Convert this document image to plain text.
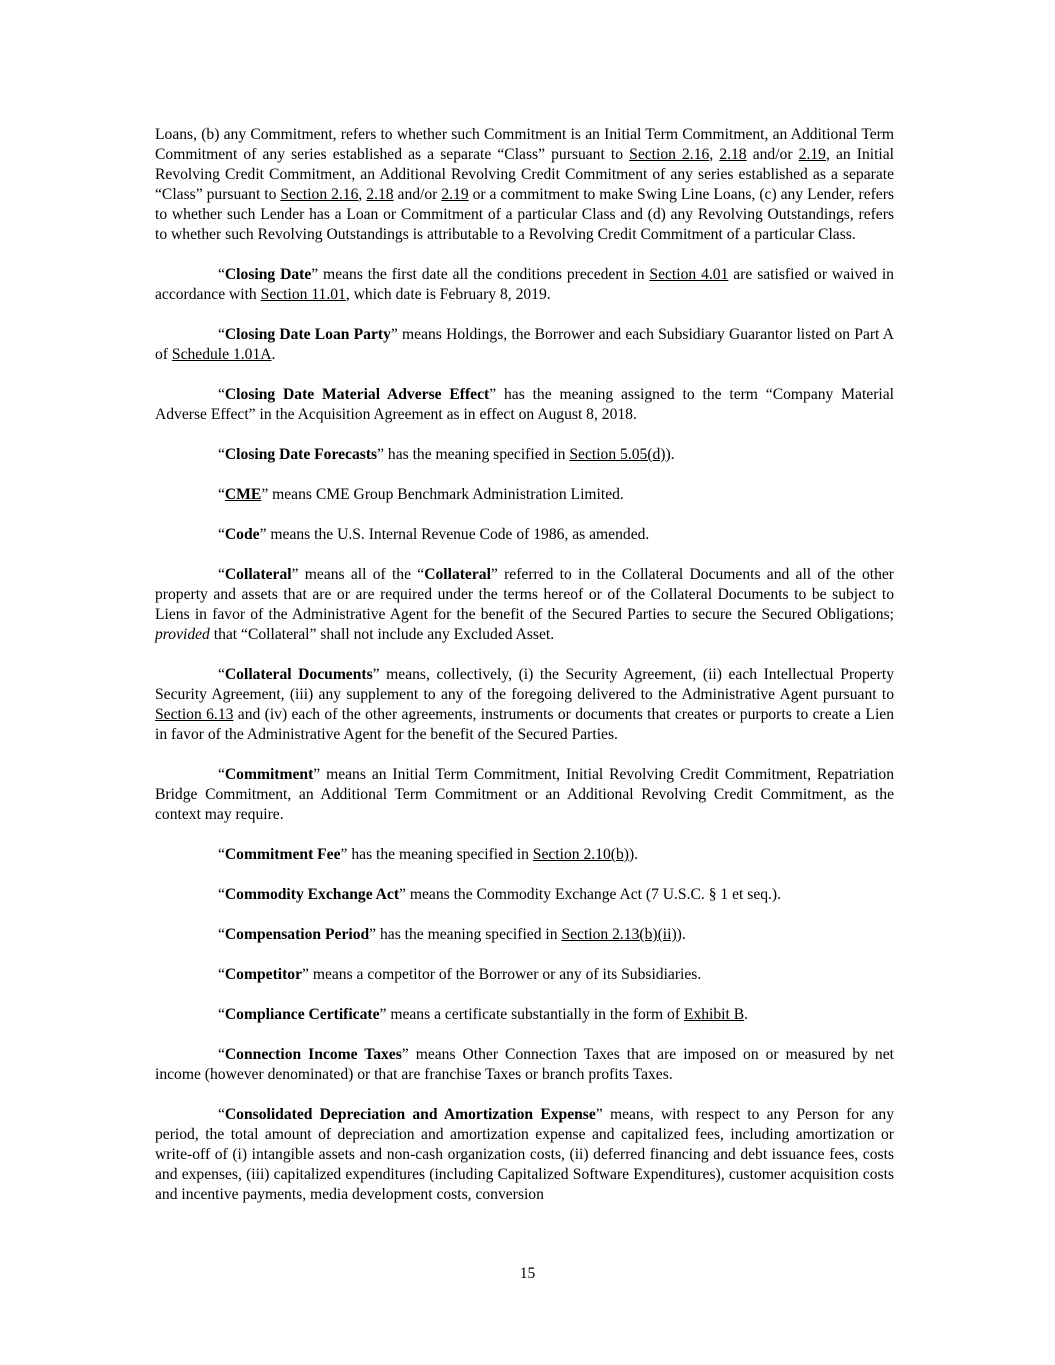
Loans, (b) any Commitment, refers to whether such Commitment is an Initial Term Commitment, an Additional Term Commitment of any series established as a separate “Class” pursuant to Section 2.16, 2.18 and/or 2.19, an Initial Revolving Credit Commitment, an Additional Revolving Credit Commitment of any series established as a separate “Class” pursuant to Section 2.16, 2.18 and/or 2.19 or a commitment to make Swing Line Loans, (c) any Lender, refers to whether such Lender has a Loan or Commitment of a particular Class and (d) any Revolving Outstandings, refers to whether such Revolving Outstandings is attributable to a Revolving Credit Commitment of a particular Class.

“Closing Date” means the first date all the conditions precedent in Section 4.01 are satisfied or waived in accordance with Section 11.01, which date is February 8, 2019.

“Closing Date Loan Party” means Holdings, the Borrower and each Subsidiary Guarantor listed on Part A of Schedule 1.01A.

“Closing Date Material Adverse Effect” has the meaning assigned to the term “Company Material Adverse Effect” in the Acquisition Agreement as in effect on August 8, 2018.

“Closing Date Forecasts” has the meaning specified in Section 5.05(d)).

“CME” means CME Group Benchmark Administration Limited.

“Code” means the U.S. Internal Revenue Code of 1986, as amended.

“Collateral” means all of the “Collateral” referred to in the Collateral Documents and all of the other property and assets that are or are required under the terms hereof or of the Collateral Documents to be subject to Liens in favor of the Administrative Agent for the benefit of the Secured Parties to secure the Secured Obligations; provided that “Collateral” shall not include any Excluded Asset.

“Collateral Documents” means, collectively, (i) the Security Agreement, (ii) each Intellectual Property Security Agreement, (iii) any supplement to any of the foregoing delivered to the Administrative Agent pursuant to Section 6.13 and (iv) each of the other agreements, instruments or documents that creates or purports to create a Lien in favor of the Administrative Agent for the benefit of the Secured Parties.

“Commitment” means an Initial Term Commitment, Initial Revolving Credit Commitment, Repatriation Bridge Commitment, an Additional Term Commitment or an Additional Revolving Credit Commitment, as the context may require.

“Commitment Fee” has the meaning specified in Section 2.10(b)).

“Commodity Exchange Act” means the Commodity Exchange Act (7 U.S.C. § 1 et seq.).

“Compensation Period” has the meaning specified in Section 2.13(b)(ii)).

“Competitor” means a competitor of the Borrower or any of its Subsidiaries.

“Compliance Certificate” means a certificate substantially in the form of Exhibit B.

“Connection Income Taxes” means Other Connection Taxes that are imposed on or measured by net income (however denominated) or that are franchise Taxes or branch profits Taxes.

“Consolidated Depreciation and Amortization Expense” means, with respect to any Person for any period, the total amount of depreciation and amortization expense and capitalized fees, including amortization or write-off of (i) intangible assets and non-cash organization costs, (ii) deferred financing and debt issuance fees, costs and expenses, (iii) capitalized expenditures (including Capitalized Software Expenditures), customer acquisition costs and incentive payments, media development costs, conversion

15
